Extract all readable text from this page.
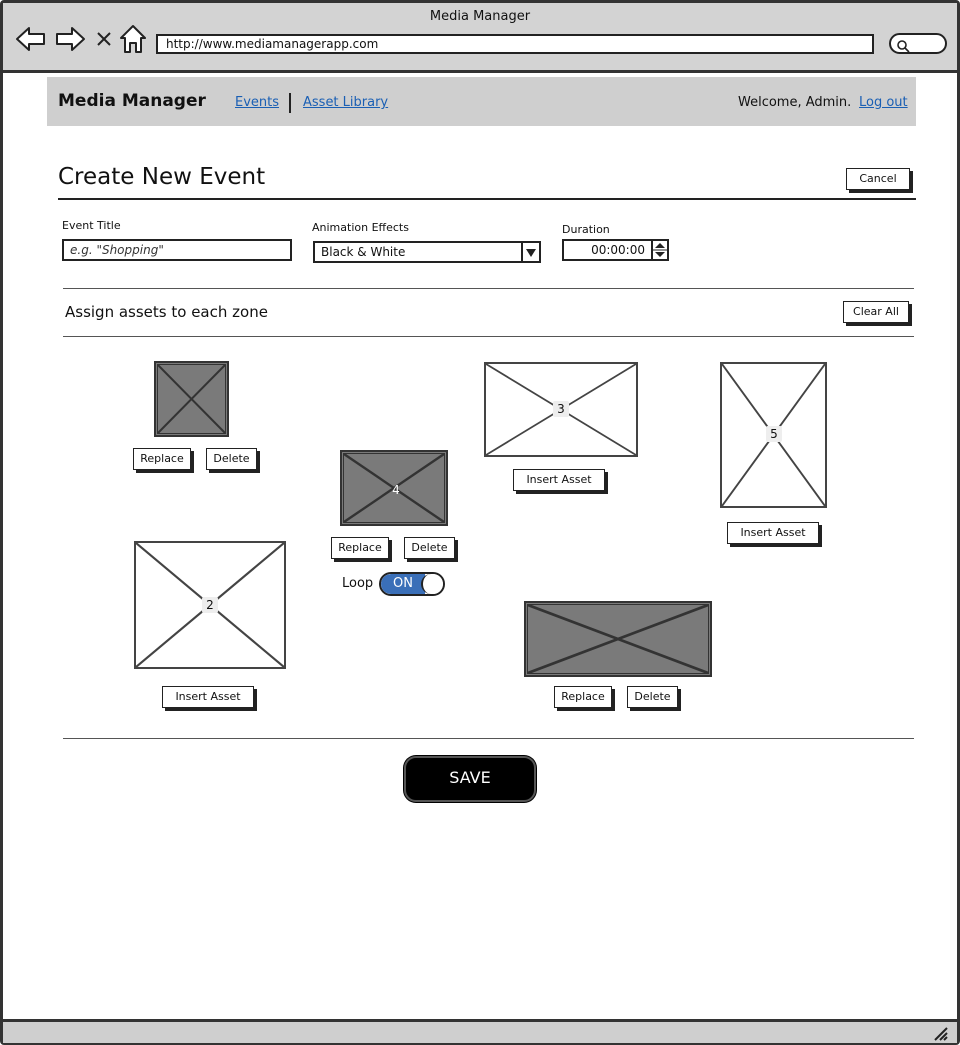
Media Manager
http://www.mediamanagerapp.com
Media Manager Events Asset Library	Welcome, Admin. Log out
Create New Event	Cancel
Event Title
e.g. "Shopping"
Animation Effects
Black & White
Duration
00:00:00
Assign assets to each zone	Clear All
Replace	Delete
2
Insert Asset
3
Insert Asset
4
Replace	Delete
Loop	ON
5
Insert Asset
Replace	Delete
SAVE
